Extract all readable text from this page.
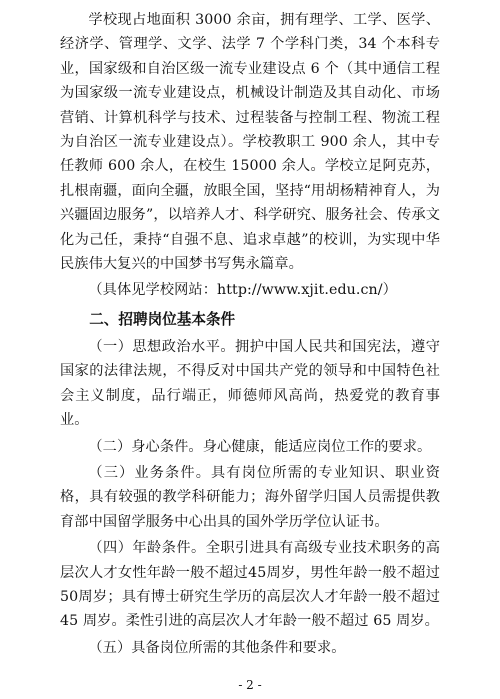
学校现占地面积 3000 余亩，拥有理学、工学、医学、经济学、管理学、文学、法学 7 个学科门类，34 个本科专业，国家级和自治区级一流专业建设点 6 个（其中通信工程为国家级一流专业建设点，机械设计制造及其自动化、市场营销、计算机科学与技术、过程装备与控制工程、物流工程为自治区一流专业建设点）。学校教职工 900 余人，其中专任教师 600 余人，在校生 15000 余人。学校立足阿克苏，扎根南疆，面向全疆，放眼全国，坚持“用胡杨精神育人，为兴疆固边服务”，以培养人才、科学研究、服务社会、传承文化为己任，秉持“自强不息、追求卓越”的校训，为实现中华民族伟大复兴的中国梦书写隽永篇章。

（具体见学校网站：http://www.xjit.edu.cn/）

二、招聘岗位基本条件

（一）思想政治水平。拥护中国人民共和国宪法，遵守国家的法律法规，不得反对中国共产党的领导和中国特色社会主义制度，品行端正，师德师风高尚，热爱党的教育事业。

（二）身心条件。身心健康，能适应岗位工作的要求。

（三）业务条件。具有岗位所需的专业知识、职业资格，具有较强的教学科研能力；海外留学归国人员需提供教育部中国留学服务中心出具的国外学历学位认证书。

（四）年龄条件。全职引进具有高级专业技术职务的高层次人才女性年龄一般不超过45周岁，男性年龄一般不超过50周岁；具有博士研究生学历的高层次人才年龄一般不超过 45 周岁。柔性引进的高层次人才年龄一般不超过 65 周岁。

（五）具备岗位所需的其他条件和要求。

- 2 -
